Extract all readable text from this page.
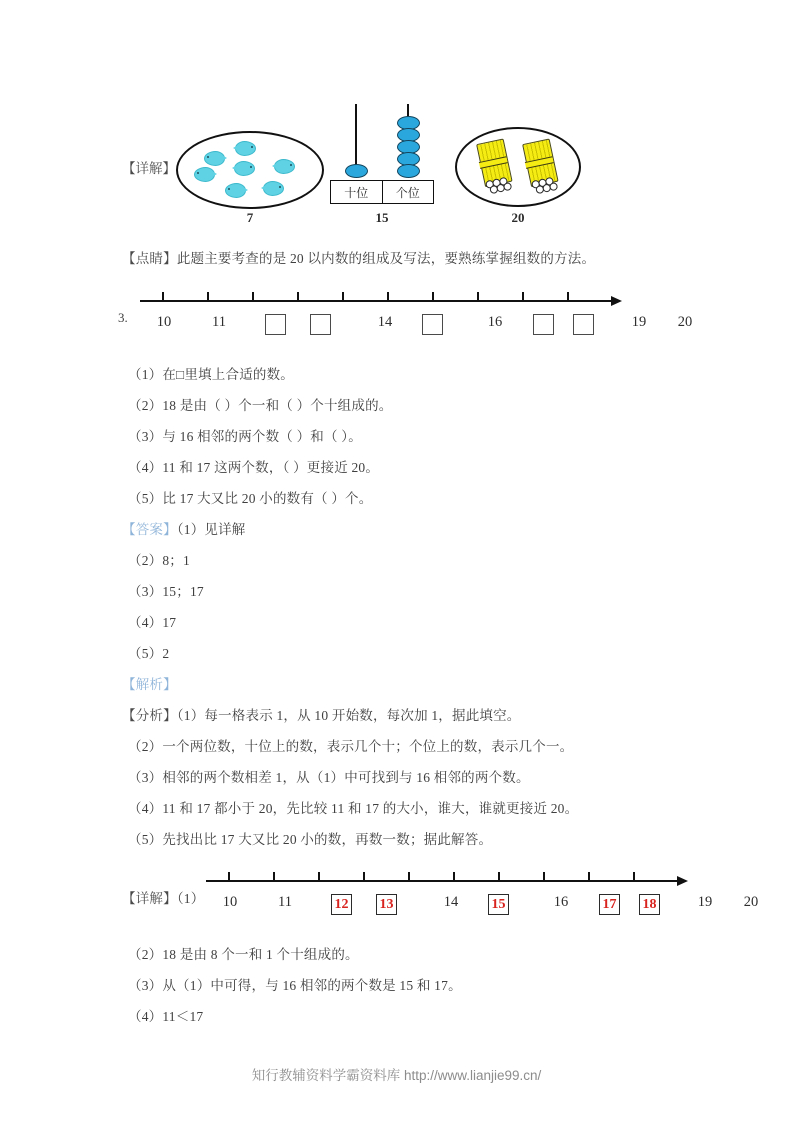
【详解】
7
十位	个位
15	20
【点睛】此题主要考查的是 20 以内数的组成及写法，要熟练掌握组数的方法。
3.	10	11	14	16	19	20
（1）在□里填上合适的数。
（2）18 是由（ ）个一和（ ）个十组成的。
（3）与 16 相邻的两个数（ ）和（ ）。
（4）11 和 17 这两个数，（ ）更接近 20。
（5）比 17 大又比 20 小的数有（ ）个。
【答案】（1）见详解
（2）8；1
（3）15；17
（4）17
（5）2
【解析】
【分析】（1）每一格表示 1，从 10 开始数，每次加 1，据此填空。
（2）一个两位数，十位上的数，表示几个十；个位上的数，表示几个一。
（3）相邻的两个数相差 1，从（1）中可找到与 16 相邻的两个数。
（4）11 和 17 都小于 20，先比较 11 和 17 的大小，谁大，谁就更接近 20。
（5）先找出比 17 大又比 20 小的数，再数一数；据此解答。
【详解】（1）	10	11	12 13	14	15	16	17 18	19	20
（2）18 是由 8 个一和 1 个十组成的。
（3）从（1）中可得，与 16 相邻的两个数是 15 和 17。
（4）11＜17
知行教辅资料学霸资料库 http://www.lianjie99.cn/
